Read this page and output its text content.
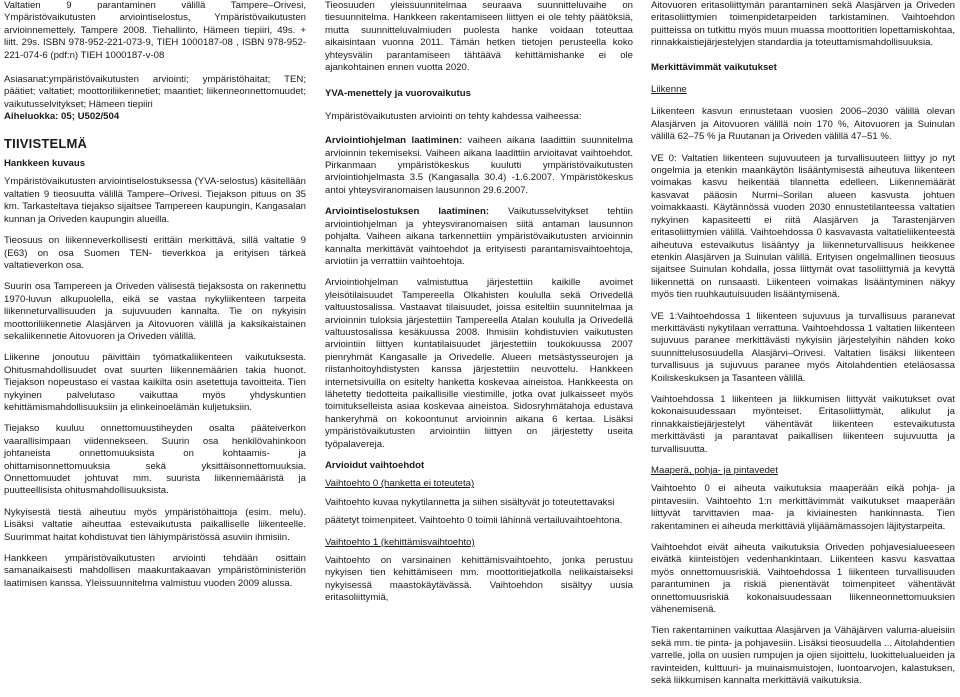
Valtatien 9 parantaminen välillä Tampere–Orivesi, Ympäristövaikutusten arviointiselostus, Ympäristövaikutusten arvioinnemettely. Tampere 2008. Tiehallinto, Hämeen tiepiiri, 49s. + liitt. 29s. ISBN 978-952-221-073-9, TIEH 1000187-08 , ISBN 978-952-221-074-6 (pdf:n) TIEH 1000187-v-08

Asiasanat:ympäristövaikutusten arviointi; ympäristöhaitat; TEN; päätiet; valtatiet; moottoriliikennetiet; maantiet; liikenneonnettomuudet; vaikutusselvitykset; Hämeen tiepiiri

Aiheluokka: 05; U502/504

TIIVISTELMÄ
Hankkeen kuvaus

Ympäristövaikutusten arviointiselostuksessa (YVA-selostus) käsitellään valtatien 9 tieosuutta välillä Tampere–Orivesi. Tiejakson pituus on 35 km. Tarkasteltava tiejakso sijaitsee Tampereen kaupungin, Kangasalan kunnan ja Oriveden kaupungin alueilla.

Tieosuus on liikenneverkollisesti erittäin merkittävä, sillä valtatie 9 (E63) on osa Suomen TEN- tieverkkoa ja erityisen tärkeä valtatieverkon osa.

Suurin osa Tampereen ja Oriveden välisestä tiejaksosta on rakennettu 1970-luvun alkupuolella, eikä se vastaa nykyliikenteen tarpeita liikenneturvallisuuden ja sujuvuuden kannalta. Tie on nykyisin moottoriliikennetie Alasjärven ja Aitovuoren välillä ja kaksikaistainen sekaliikennetie Aitovuoren ja Oriveden välillä.

Liikenne jonoutuu päivittäin työmatkaliikenteen vaikutuksesta. Ohitusmahdollisuudet ovat suurten liikennemäärien takia huonot. Tiejakson nopeustaso ei vastaa kaikilta osin asetettuja tavoitteita. Tien nykyinen palvelutaso vaikuttaa myös yhdyskuntien kehittämismahdollisuuksiin ja elinkeinoelämän kuljetuksiin.

Tiejakso kuuluu onnettomuustiheyden osalta pääteiverkon vaarallisimpaan viidennekseen. Suurin osa henkilövahinkoon johtaneista onnettomuuksista on kohtaamis- ja ohittamisonnettomuuksia sekä yksittäisonnettomuuksia. Onnettomuudet johtuvat mm. suurista liikennemääristä ja puutteellisista ohitusmahdollisuuksista.

Nykyisestä tiestä aiheutuu myös ympäristöhaittoja (esim. melu). Lisäksi valtatie aiheuttaa estevaikutusta paikalliselle liikenteelle. Suurimmat haitat kohdistuvat tien lähiympäristössä asuviin ihmisiin.

Hankkeen ympäristövaikutusten arviointi tehdään osittain samanaikaisesti mahdollisen maakuntakaavan ympäristöministeriön laatimisen kanssa. Yleissuunnitelma valmistuu vuoden 2009 alussa.

Tieosuuden yleissuunnitelmaa seuraava suunnitteluvaihe on tiesuunnitelma. Hankkeen rakentamiseen liittyen ei ole tehty päätöksiä, mutta suunnitteluvalmiuden puolesta hanke voidaan toteuttaa aikaisintaan vuonna 2011. Tämän hetken tietojen perusteella koko yhteysvälin parantamiseen tähtäävä kehittämishanke ei ole ajankohtainen ennen vuotta 2020.

YVA-menettely ja vuorovaikutus

Ympäristövaikutusten arviointi on tehty kahdessa vaiheessa:

Arviointiohjelman laatiminen: vaiheen aikana laadittiin suunnitelma arvioinnin tekemiseksi. Vaiheen aikana laadittiin arvioitavat vaihtoehdot. Pirkanmaan ympäristökeskus kuulutti ympäristövaikutusten arviointiohjelmasta 3.5 (Kangasalla 30.4) -1.6.2007. Ympäristökeskus antoi yhteysviranomaisen lausunnon 29.6.2007.

Arviointiselostuksen laatiminen: Vaikutusselvitykset tehtiin arviointiohjelman ja yhteysviranomaisen siitä antaman lausunnon pohjalta. Vaiheen aikana tarkennettiin ympäristövaikutusten arvioinnin kannalta merkittävät vaihtoehdot ja erityisesti parantamisvaihtoehtoja, arviotiin ja verrattiin vaihtoehtoja.

Arviointiohjelman valmistuttua järjestettiin kaikille avoimet yleisötilaisuudet Tampereella Olkahisten koululla sekä Orivedellä valtuustosalissa. Vastaavat tilaisuudet, joissa esiteltiin suunnitelmaa ja arvioinnin tuloksia järjestettiin Tampereella Atalan koululla ja Orivedellä valtuustosalissa kesäkuussa 2008. Ihmisiin kohdistuvien vaikutusten arviointiin liittyen kuntatilaisuudet järjestettiin toukokuussa 2007 pienryhmät Kangasalle ja Orivedelle. Alueen metsästysseurojen ja riistanhoitoyhdistysten kanssa järjestettiin neuvottelu. Hankkeen internetsivuilla on esitelty hanketta koskevaa aineistoa. Hankkeesta on lähetetty tiedotteita paikallisille viestimille, jotka ovat julkaisseet myös toimitukselleista asiaa koskevaa aineistoa. Sidosryhmätahoja edustava hankeryhmä on kokoontunut arvioinnin aikana 6 kertaa. Lisäksi ympäristövaikutusten arviointiin liittyen on järjestetty useita työpalavereja.

Arvioidut vaihtoehdot
Vaihtoehto 0 (hanketta ei toteuteta)

Vaihtoehto kuvaa nykytilannetta ja siihen sisältyvät jo toteutettavaksi

päätetyt toimenpiteet. Vaihtoehto 0 toimii lähinnä vertailuvaihtoehtona.

Vaihtoehto 1 (kehittämisvaihtoehto)

Vaihtoehto on varsinainen kehittämisvaihtoehto, jonka perustuu nykyisen tien kehittämiseen mm. moottoritiejatkolla nelikaistaiseksi nykyisessä maastokäytävässä. Vaihtoehdon sisältyy uusia eritasoliittymiä,

Aitovuoren eritasoliittymän parantaminen sekä Alasjärven ja Oriveden eritasoliittymien toimenpidetarpeiden tarkistaminen. Vaihtoehdon puitteissa on tutkittu myös muun muassa moottoritien lopettamiskohtaa, rinnakkaistiejärjestelyjen standardia ja toteuttamismahdollisuuksia.

Merkittävimmät vaikutukset
Liikenne

Liikenteen kasvun ennustetaan vuosien 2006–2030 välillä olevan Alasjärven ja Aitovuoren välillä noin 170 %, Aitovuoren ja Suinulan välillä 62–75 % ja Ruutanan ja Oriveden välillä 47–51 %.

VE 0: Valtatien liikenteen sujuvuuteen ja turvallisuuteen liittyy jo nyt ongelmia ja etenkin maankäytön lisääntymisestä aiheutuva liikenteen voimakas kasvu heikentää tilannetta edelleen. Liikennemäärät kasvavat pääosin Nurmi–Sorilan alueen kasvusta johtuen voimakkaasti. Käytännössä vuoden 2030 ennustetilanteessa valtatien nykyinen kapasiteetti ei riitä Alasjärven ja Tarastenjärven eritasoliittymien välillä. Vaihtoehdossa 0 kasvavasta valtatieliikenteestä aiheutuva estevaikutus lisääntyy ja liikenneturvallisuus heikkenee etenkin Alasjärven ja Suinulan välillä. Erityisen ongelmallinen tieosuus sijaitsee Suinulan kohdalla, jossa liittymät ovat tasoliittymiä ja kevyttä liikennettä on runsaasti. Liikenteen voimakas lisääntyminen näkyy myös tien ruuhkautuisuuden lisääntymisenä.

VE 1:Vaihtoehdossa 1 liikenteen sujuvuus ja turvallisuus paranevat merkittävästi nykytilaan verrattuna. Vaihtoehdossa 1 valtatien liikenteen sujuvuus paranee merkittävästi nykyisiin järjestelyihin nähden koko suunnittelusosuudella Alasjärvi–Orivesi. Valtatien lisäksi liikenteen turvallisuus ja sujuvuus paranee myös Aitolahdentien eteläosassa Koiliskeskuksen ja Tasanteen välillä.

Vaihtoehdossa 1 liikenteen ja liikkumisen liittyvät vaikutukset ovat kokonaisuudessaan myönteiset. Eritasoliittymät, alikulut ja rinnakkaistiejärjestelyt vähentävät liikenteen estevaikutusta merkittävästi ja parantavat paikallisen liikenteen sujuvuutta ja turvallisuutta.

Maaperä, pohja- ja pintavedet

Vaihtoehto 0 ei aiheuta vaikutuksia maaperään eikä pohja- ja pintavesiin. Vaihtoehto 1:n merkittävimmät vaikutukset maaperään liittyvät tarvittavien maa- ja kiviainesten hankinnasta. Tien rakentaminen ei aiheuda merkittäviä ylijäämämassojen läjitystarpeita.

Vaihtoehdot eivät aiheuta vaikutuksia Oriveden pohjavesialueeseen eivätkä kiinteistöjen vedenhankintaan. Liikenteen kasvu kasvattaa myös onnettomuusriskiä. Vaihtoehdossa 1 liikenteen turvallisuuden parantuminen ja riskiä pienentävät toimenpiteet vähentävät onnettomuusriskiä kokonaisuudessaan liikenneonnettomuuksien vähenemisenä.

Tien rakentaminen vaikuttaa Alasjärven ja Vähäjärven valuma-alueisiin sekä mm. tie pinta- ja pohjavesiin. Lisäksi tieosuudella ... Aitolahdentien varrelle, jolla on uusien rumpujen ja ojien sijoittelu, luokittelualueiden ja ravinteiden, kulttuuri- ja muinaismuistojen, luontoarvojen, kalastuksen, sekä liikkumisen kannalta merkittäviä vaikutuksia.
